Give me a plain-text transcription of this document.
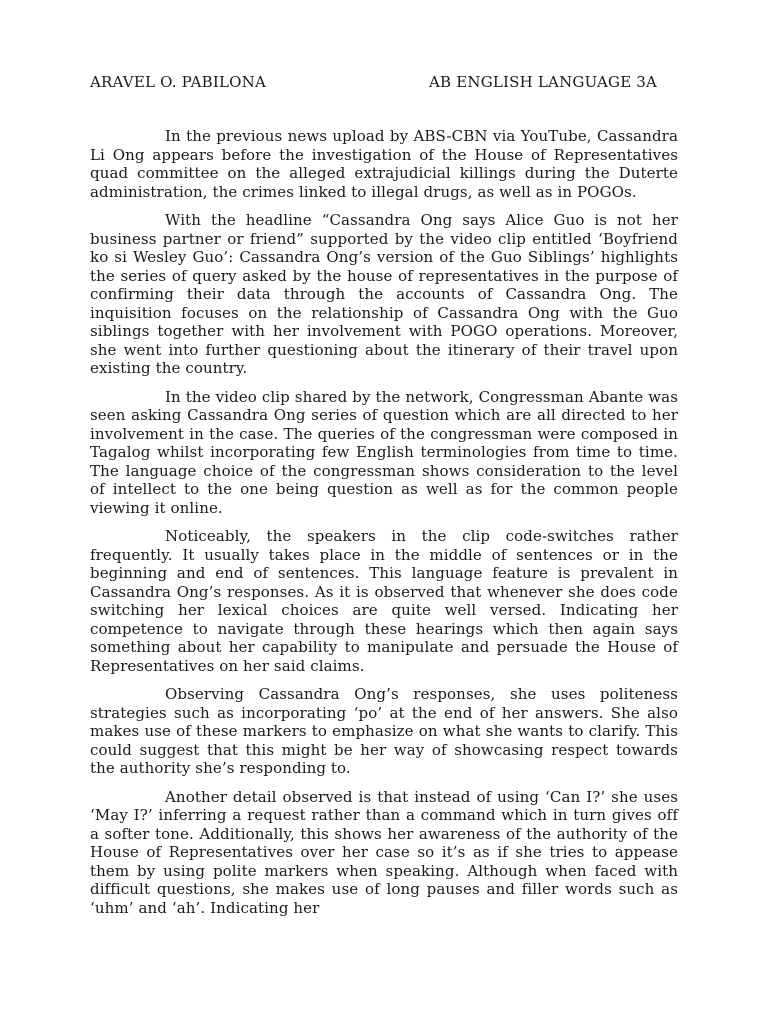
ARAVEL O. PABILONA	AB ENGLISH LANGUAGE 3A

In the previous news upload by ABS-CBN via YouTube, Cassandra Li Ong appears before the investigation of the House of Representatives quad committee on the alleged extrajudicial killings during the Duterte administration, the crimes linked to illegal drugs, as well as in POGOs.

With the headline “Cassandra Ong says Alice Guo is not her business partner or friend” supported by the video clip entitled ‘Boyfriend ko si Wesley Guo’: Cassandra Ong’s version of the Guo Siblings’ highlights the series of query asked by the house of representatives in the purpose of confirming their data through the accounts of Cassandra Ong. The inquisition focuses on the relationship of Cassandra Ong with the Guo siblings together with her involvement with POGO operations. Moreover, she went into further questioning about the itinerary of their travel upon existing the country.

In the video clip shared by the network, Congressman Abante was seen asking Cassandra Ong series of question which are all directed to her involvement in the case. The queries of the congressman were composed in Tagalog whilst incorporating few English terminologies from time to time. The language choice of the congressman shows consideration to the level of intellect to the one being question as well as for the common people viewing it online.

Noticeably, the speakers in the clip code-switches rather frequently. It usually takes place in the middle of sentences or in the beginning and end of sentences. This language feature is prevalent in Cassandra Ong’s responses. As it is observed that whenever she does code switching her lexical choices are quite well versed. Indicating her competence to navigate through these hearings which then again says something about her capability to manipulate and persuade the House of Representatives on her said claims.

Observing Cassandra Ong’s responses, she uses politeness strategies such as incorporating ‘po’ at the end of her answers. She also makes use of these markers to emphasize on what she wants to clarify. This could suggest that this might be her way of showcasing respect towards the authority she’s responding to.

Another detail observed is that instead of using ‘Can I?’ she uses ‘May I?’ inferring a request rather than a command which in turn gives off a softer tone. Additionally, this shows her awareness of the authority of the House of Representatives over her case so it’s as if she tries to appease them by using polite markers when speaking. Although when faced with difficult questions, she makes use of long pauses and filler words such as ‘uhm’ and ‘ah’. Indicating her
